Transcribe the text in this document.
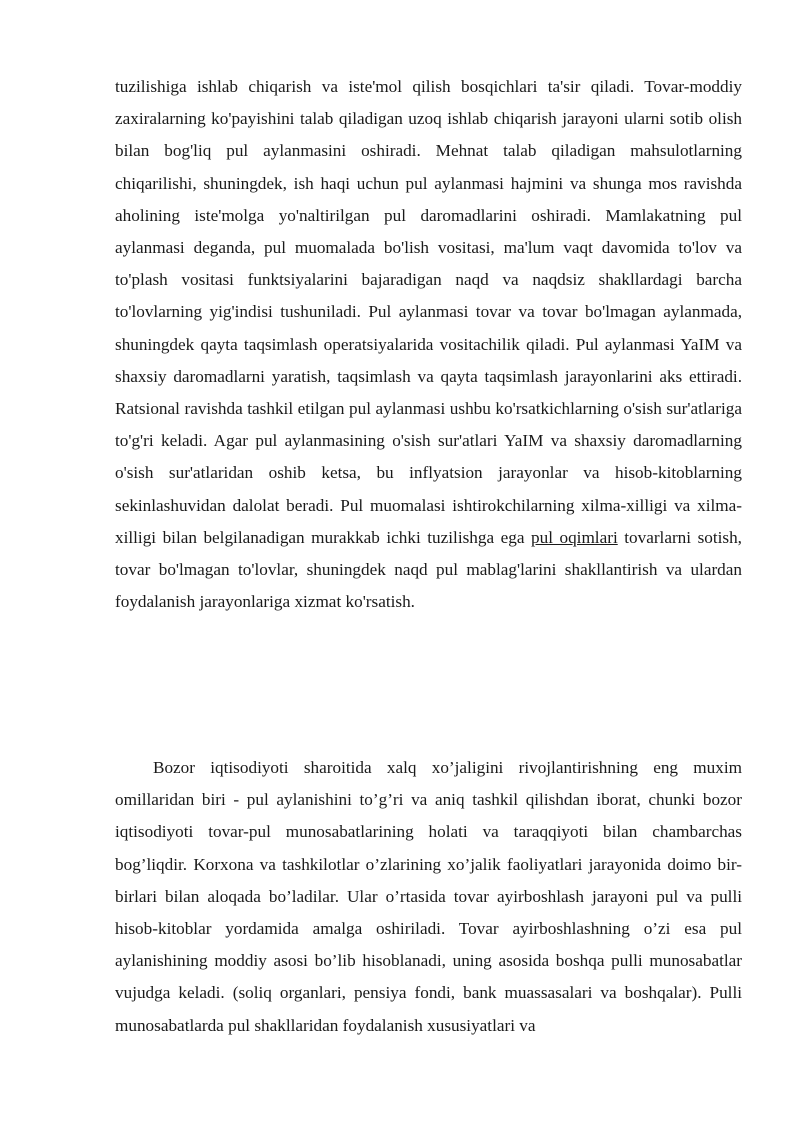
tuzilishiga ishlab chiqarish va iste'mol qilish bosqichlari ta'sir qiladi. Tovar-moddiy zaxiralarning ko'payishini talab qiladigan uzoq ishlab chiqarish jarayoni ularni sotib olish bilan bog'liq pul aylanmasini oshiradi. Mehnat talab qiladigan mahsulotlarning chiqarilishi, shuningdek, ish haqi uchun pul aylanmasi hajmini va shunga mos ravishda aholining iste'molga yo'naltirilgan pul daromadlarini oshiradi. Mamlakatning pul aylanmasi deganda, pul muomalada bo'lish vositasi, ma'lum vaqt davomida to'lov va to'plash vositasi funktsiyalarini bajaradigan naqd va naqdsiz shakllardagi barcha to'lovlarning yig'indisi tushuniladi. Pul aylanmasi tovar va tovar bo'lmagan aylanmada, shuningdek qayta taqsimlash operatsiyalarida vositachilik qiladi. Pul aylanmasi YaIM va shaxsiy daromadlarni yaratish, taqsimlash va qayta taqsimlash jarayonlarini aks ettiradi. Ratsional ravishda tashkil etilgan pul aylanmasi ushbu ko'rsatkichlarning o'sish sur'atlariga to'g'ri keladi. Agar pul aylanmasining o'sish sur'atlari YaIM va shaxsiy daromadlarning o'sish sur'atlaridan oshib ketsa, bu inflyatsion jarayonlar va hisob-kitoblarning sekinlashuvidan dalolat beradi. Pul muomalasi ishtirokchilarning xilma-xilligi va xilma-xilligi bilan belgilanadigan murakkab ichki tuzilishga ega pul oqimlari tovarlarni sotish, tovar bo'lmagan to'lovlar, shuningdek naqd pul mablag'larini shakllantirish va ulardan foydalanish jarayonlariga xizmat ko'rsatish.

Bozor iqtisodiyoti sharoitida xalq xo’jaligini rivojlantirishning eng muxim omillaridan biri - pul aylanishini to’g’ri va aniq tashkil qilishdan iborat, chunki bozor iqtisodiyoti tovar-pul munosabatlarining holati va taraqqiyoti bilan chambarchas bog’liqdir. Korxona va tashkilotlar o’zlarining xo’jalik faoliyatlari jarayonida doimo bir-birlari bilan aloqada bo’ladilar. Ular o’rtasida tovar ayirboshlash jarayoni pul va pulli hisob-kitoblar yordamida amalga oshiriladi. Tovar ayirboshlashning o’zi esa pul aylanishining moddiy asosi bo’lib hisoblanadi, uning asosida boshqa pulli munosabatlar vujudga keladi. (soliq organlari, pensiya fondi, bank muassasalari va boshqalar). Pulli munosabatlarda pul shakllaridan foydalanish xususiyatlari va
